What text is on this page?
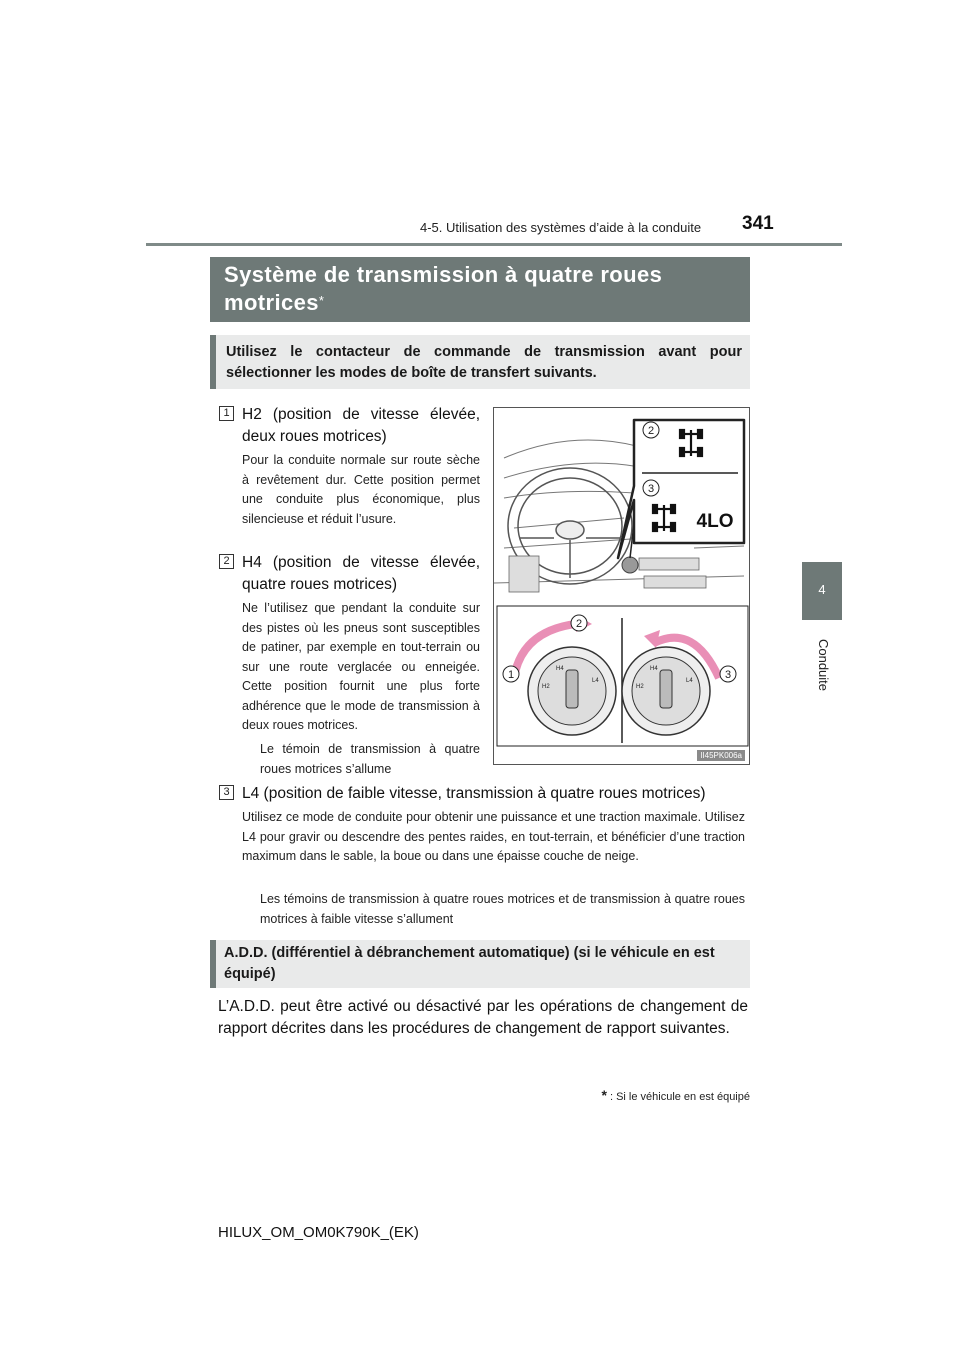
4-5. Utilisation des systèmes d’aide à la conduite 341
4
Conduite
Système de transmission à quatre roues motrices*

Utilisez le contacteur de commande de transmission avant pour sélectionner les modes de boîte de transfert suivants.

1 H2 (position de vitesse élevée, deux roues motrices)
Pour la conduite normale sur route sèche à revêtement dur. Cette position permet une conduite plus économique, plus silencieuse et réduit l’usure.
2 H4 (position de vitesse élevée, quatre roues motrices)
Ne l’utilisez que pendant la conduite sur des pistes où les pneus sont susceptibles de patiner, par exemple en tout-terrain ou sur une route verglacée ou enneigée. Cette position fournit une plus forte adhérence que le mode de transmission à deux roues motrices.
Le témoin de transmission à quatre roues motrices s’allume
3 L4 (position de faible vitesse, transmission à quatre roues motrices)
Utilisez ce mode de conduite pour obtenir une puissance et une traction maximale. Utilisez L4 pour gravir ou descendre des pentes raides, en tout-terrain, et bénéficier d’une traction maximum dans le sable, la boue ou dans une épaisse couche de neige.
Les témoins de transmission à quatre roues motrices et de transmission à quatre roues motrices à faible vitesse s’allument
2
3
4LO
H4
H2
L4
2
1	H4
H2
L4	3
II45PK006a

A.D.D. (différentiel à débranchement automatique) (si le véhicule en est équipé)

L’A.D.D. peut être activé ou désactivé par les opérations de changement de rapport décrites dans les procédures de changement de rapport suivantes.
* : Si le véhicule en est équipé
HILUX_OM_OM0K790K_(EK)
